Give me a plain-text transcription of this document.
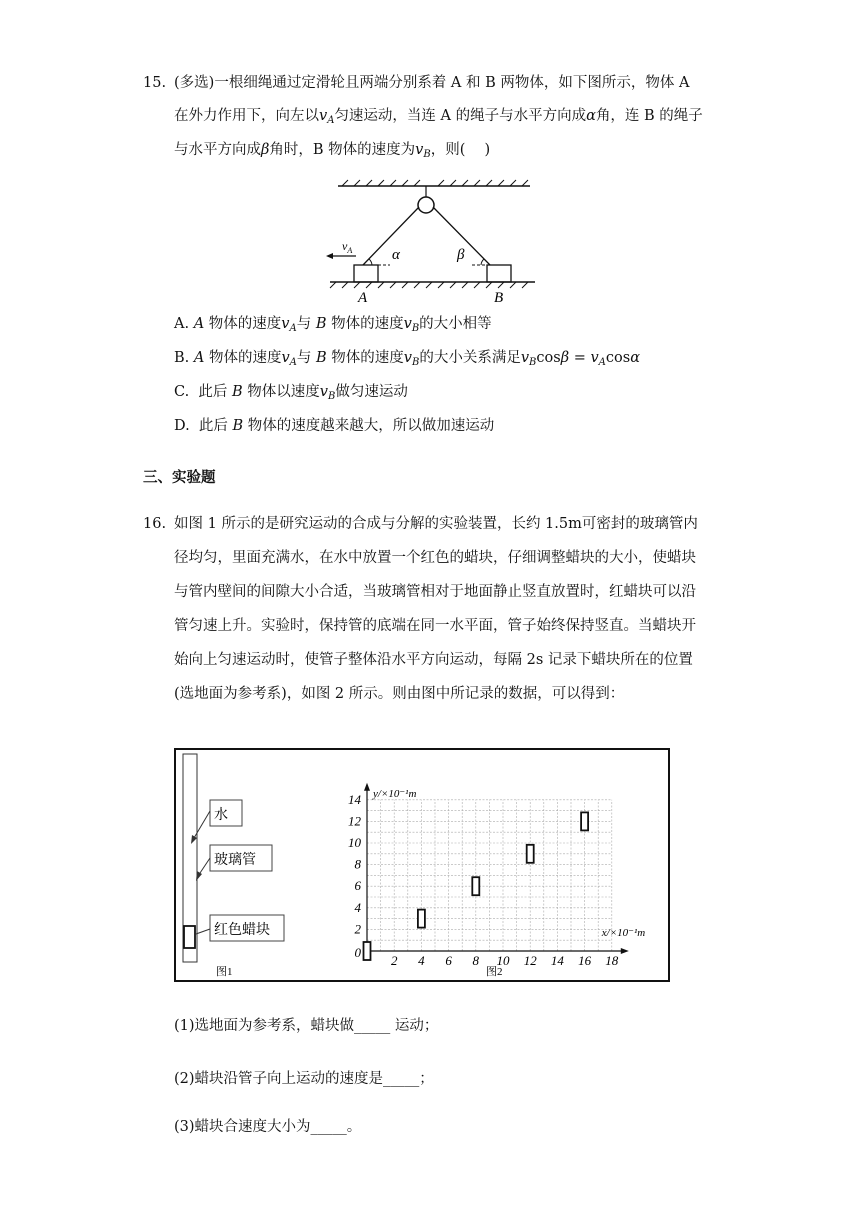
15. (多选)一根细绳通过定滑轮且两端分别系着 A 和 B 两物体，如下图所示，物体 A
在外力作用下，向左以$v_A$匀速运动，当连 A 的绳子与水平方向成α角，连 B 的绳子
与水平方向成β角时，B 物体的速度为$v_B$，则(　 )
$v_A$	α	β
A	B
A. A 物体的速度$v_A$与 B 物体的速度$v_B$的大小相等
B. A 物体的速度$v_A$与 B 物体的速度$v_B$的大小关系满足$v_B\cos\beta = v_A\cos\alpha$
C.  此后 B 物体以速度$v_B$做匀速运动
D.  此后 B 物体的速度越来越大，所以做加速运动
三、实验题
16. 如图 1 所示的是研究运动的合成与分解的实验装置，长约 1.5m可密封的玻璃管内
径均匀，里面充满水，在水中放置一个红色的蜡块，仔细调整蜡块的大小，使蜡块
与管内壁间的间隙大小合适，当玻璃管相对于地面静止竖直放置时，红蜡块可以沿
管匀速上升。实验时，保持管的底端在同一水平面，管子始终保持竖直。当蜡块开
始向上匀速运动时，使管子整体沿水平方向运动，每隔 2s 记录下蜡块所在的位置
(选地面为参考系)，如图 2 所示。则由图中所记录的数据，可以得到：
水
玻璃管
红色蜡块
图1
2 4 6 8 10 12 14 16 18
2
4
6
8
10
12
14
0
y/×10⁻¹m
x/×10⁻¹m
图2
(1)选地面为参考系，蜡块做_____ 运动；
(2)蜡块沿管子向上运动的速度是_____；
(3)蜡块合速度大小为_____。
